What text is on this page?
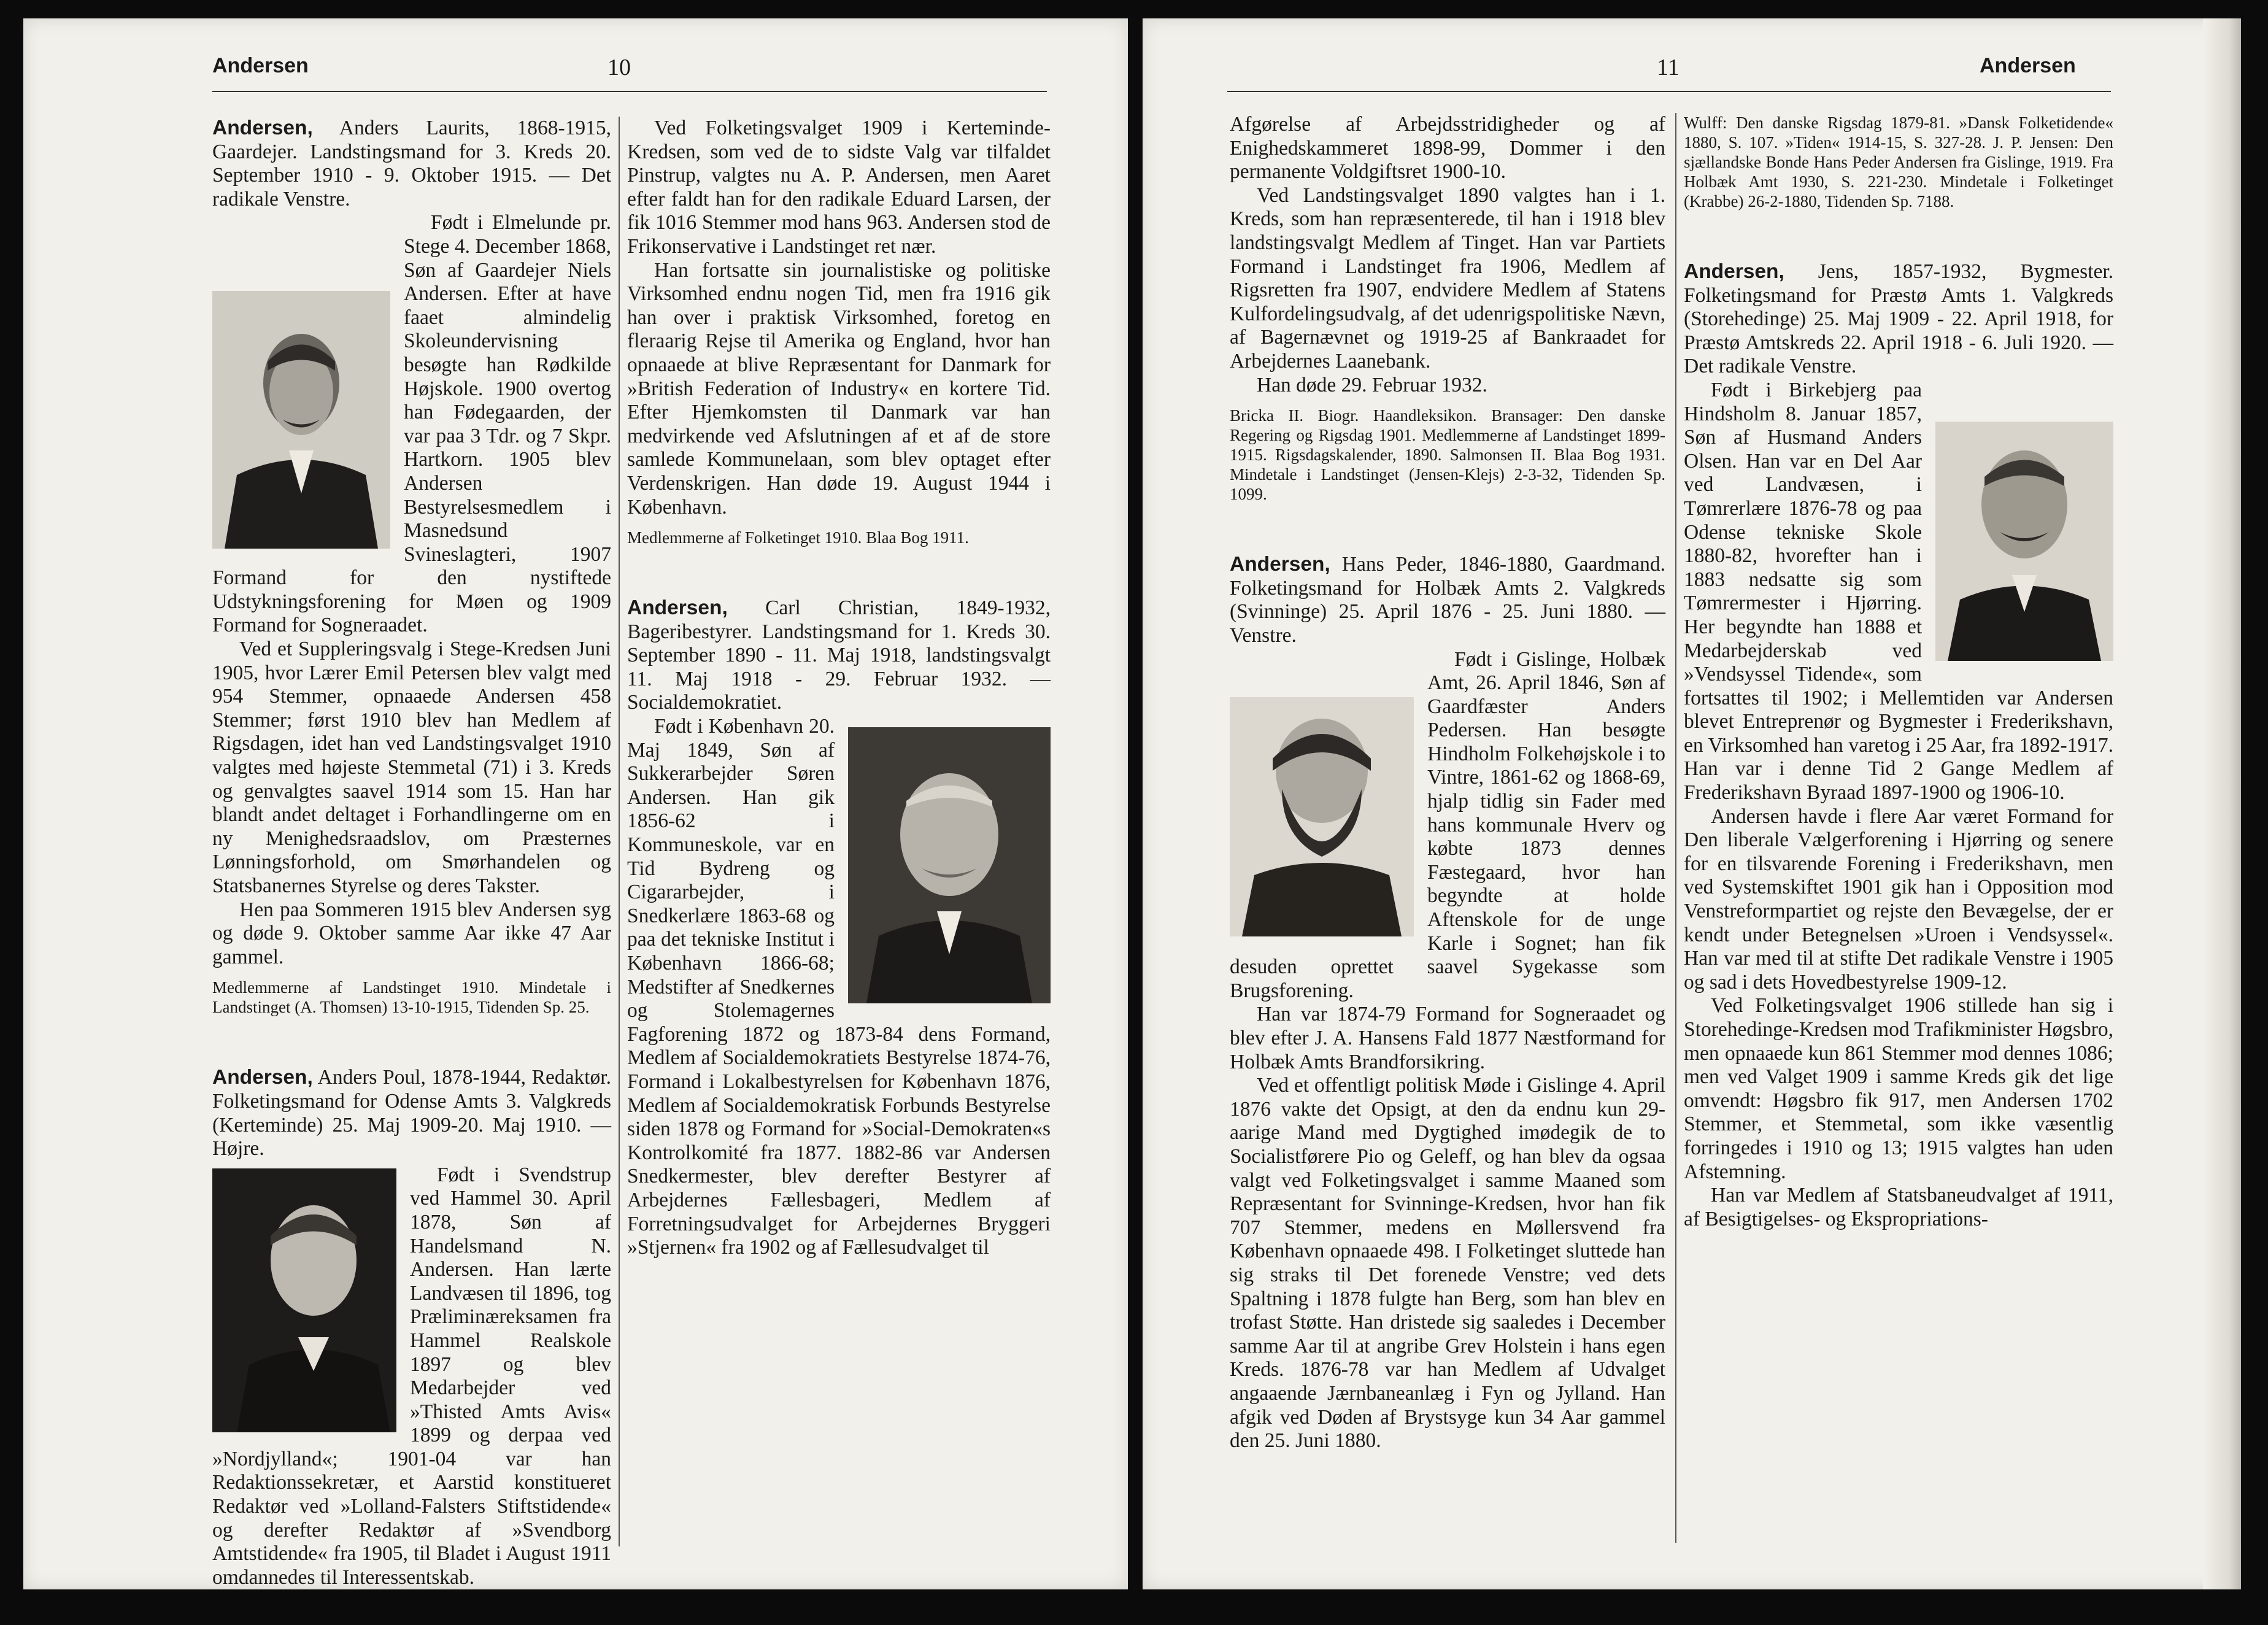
Andersen	10

Andersen, Anders Laurits, 1868-1915, Gaardejer. Landstingsmand for 3. Kreds 20. September 1910 - 9. Oktober 1915. — Det radikale Venstre.

Født i Elmelunde pr. Stege 4. December 1868, Søn af Gaardejer Niels Andersen. Efter at have faaet almindelig Skoleundervisning besøgte han Rødkilde Højskole. 1900 overtog han Fødegaarden, der var paa 3 Tdr. og 7 Skpr. Hartkorn. 1905 blev Andersen Bestyrelsesmedlem i Masnedsund Svineslagteri, 1907 Formand for den nystiftede Udstykningsforening for Møen og 1909 Formand for Sogneraadet.

Ved et Suppleringsvalg i Stege-Kredsen Juni 1905, hvor Lærer Emil Petersen blev valgt med 954 Stemmer, opnaaede Andersen 458 Stemmer; først 1910 blev han Medlem af Rigsdagen, idet han ved Landstingsvalget 1910 valgtes med højeste Stemmetal (71) i 3. Kreds og genvalgtes saavel 1914 som 15. Han har blandt andet deltaget i Forhandlingerne om en ny Menighedsraadslov, om Præsternes Lønningsforhold, om Smørhandelen og Statsbanernes Styrelse og deres Takster.

Hen paa Sommeren 1915 blev Andersen syg og døde 9. Oktober samme Aar ikke 47 Aar gammel.

Medlemmerne af Landstinget 1910. Mindetale i Landstinget (A. Thomsen) 13-10-1915, Tidenden Sp. 25.

Andersen, Anders Poul, 1878-1944, Redaktør. Folketingsmand for Odense Amts 3. Valgkreds (Kerteminde) 25. Maj 1909-20. Maj 1910. — Højre.

Født i Svendstrup ved Hammel 30. April 1878, Søn af Handelsmand N. Andersen. Han lærte Landvæsen til 1896, tog Præliminæreksamen fra Hammel Realskole 1897 og blev Medarbejder ved »Thisted Amts Avis« 1899 og derpaa ved »Nordjylland«; 1901-04 var han Redaktionssekretær, et Aarstid konstitueret Redaktør ved »Lolland-Falsters Stiftstidende« og derefter Redaktør af »Svendborg Amtstidende« fra 1905, til Bladet i August 1911 omdannedes til Interessentskab.

Ved Folketingsvalget 1909 i Kerteminde-Kredsen, som ved de to sidste Valg var tilfaldet Pinstrup, valgtes nu A. P. Andersen, men Aaret efter faldt han for den radikale Eduard Larsen, der fik 1016 Stemmer mod hans 963. Andersen stod de Frikonservative i Landstinget ret nær.

Han fortsatte sin journalistiske og politiske Virksomhed endnu nogen Tid, men fra 1916 gik han over i praktisk Virksomhed, foretog en fleraarig Rejse til Amerika og England, hvor han opnaaede at blive Repræsentant for Danmark for »British Federation of Industry« en kortere Tid. Efter Hjemkomsten til Danmark var han medvirkende ved Afslutningen af et af de store samlede Kommunelaan, som blev optaget efter Verdenskrigen. Han døde 19. August 1944 i København.

Medlemmerne af Folketinget 1910. Blaa Bog 1911.

Andersen, Carl Christian, 1849-1932, Bageribestyrer. Landstingsmand for 1. Kreds 30. September 1890 - 11. Maj 1918, landstingsvalgt 11. Maj 1918 - 29. Februar 1932. — Socialdemokratiet.

Født i København 20. Maj 1849, Søn af Sukkerarbejder Søren Andersen. Han gik 1856-62 i Kommuneskole, var en Tid Bydreng og Cigararbejder, i Snedkerlære 1863-68 og paa det tekniske Institut i København 1866-68; Medstifter af Snedkernes og Stolemagernes Fagforening 1872 og 1873-84 dens Formand, Medlem af Socialdemokratiets Bestyrelse 1874-76, Formand i Lokalbestyrelsen for København 1876, Medlem af Socialdemokratisk Forbunds Bestyrelse siden 1878 og Formand for »Social-Demokraten«s Kontrolkomité fra 1877. 1882-86 var Andersen Snedkermester, blev derefter Bestyrer af Arbejdernes Fællesbageri, Medlem af Forretningsudvalget for Arbejdernes Bryggeri »Stjernen« fra 1902 og af Fællesudvalget til

11	Andersen

Afgørelse af Arbejdsstridigheder og af Enighedskammeret 1898-99, Dommer i den permanente Voldgiftsret 1900-10.

Ved Landstingsvalget 1890 valgtes han i 1. Kreds, som han repræsenterede, til han i 1918 blev landstingsvalgt Medlem af Tinget. Han var Partiets Formand i Landstinget fra 1906, Medlem af Rigsretten fra 1907, endvidere Medlem af Statens Kulfordelingsudvalg, af det udenrigspolitiske Nævn, af Bagernævnet og 1919-25 af Bankraadet for Arbejdernes Laanebank.

Han døde 29. Februar 1932.

Bricka II. Biogr. Haandleksikon. Bransager: Den danske Regering og Rigsdag 1901. Medlemmerne af Landstinget 1899-1915. Rigsdagskalender, 1890. Salmonsen II. Blaa Bog 1931. Mindetale i Landstinget (Jensen-Klejs) 2-3-32, Tidenden Sp. 1099.

Andersen, Hans Peder, 1846-1880, Gaardmand. Folketingsmand for Holbæk Amts 2. Valgkreds (Svinninge) 25. April 1876 - 25. Juni 1880. — Venstre.

Født i Gislinge, Holbæk Amt, 26. April 1846, Søn af Gaardfæster Anders Pedersen. Han besøgte Hindholm Folkehøjskole i to Vintre, 1861-62 og 1868-69, hjalp tidlig sin Fader med hans kommunale Hverv og købte 1873 dennes Fæstegaard, hvor han begyndte at holde Aftenskole for de unge Karle i Sognet; han fik desuden oprettet saavel Sygekasse som Brugsforening.

Han var 1874-79 Formand for Sogneraadet og blev efter J. A. Hansens Fald 1877 Næstformand for Holbæk Amts Brandforsikring.

Ved et offentligt politisk Møde i Gislinge 4. April 1876 vakte det Opsigt, at den da endnu kun 29-aarige Mand med Dygtighed imødegik de to Socialistførere Pio og Geleff, og han blev da ogsaa valgt ved Folketingsvalget i samme Maaned som Repræsentant for Svinninge-Kredsen, hvor han fik 707 Stemmer, medens en Møllersvend fra København opnaaede 498. I Folketinget sluttede han sig straks til Det forenede Venstre; ved dets Spaltning i 1878 fulgte han Berg, som han blev en trofast Støtte. Han dristede sig saaledes i December samme Aar til at angribe Grev Holstein i hans egen Kreds. 1876-78 var han Medlem af Udvalget angaaende Jærnbaneanlæg i Fyn og Jylland. Han afgik ved Døden af Brystsyge kun 34 Aar gammel den 25. Juni 1880.

Wulff: Den danske Rigsdag 1879-81. »Dansk Folketidende« 1880, S. 107. »Tiden« 1914-15, S. 327-28. J. P. Jensen: Den sjællandske Bonde Hans Peder Andersen fra Gislinge, 1919. Fra Holbæk Amt 1930, S. 221-230. Mindetale i Folketinget (Krabbe) 26-2-1880, Tidenden Sp. 7188.

Andersen, Jens, 1857-1932, Bygmester. Folketingsmand for Præstø Amts 1. Valgkreds (Storehedinge) 25. Maj 1909 - 22. April 1918, for Præstø Amtskreds 22. April 1918 - 6. Juli 1920. — Det radikale Venstre.

Født i Birkebjerg paa Hindsholm 8. Januar 1857, Søn af Husmand Anders Olsen. Han var en Del Aar ved Landvæsen, i Tømrerlære 1876-78 og paa Odense tekniske Skole 1880-82, hvorefter han i 1883 nedsatte sig som Tømrermester i Hjørring. Her begyndte han 1888 et Medarbejderskab ved »Vendsyssel Tidende«, som fortsattes til 1902; i Mellemtiden var Andersen blevet Entreprenør og Bygmester i Frederikshavn, en Virksomhed han varetog i 25 Aar, fra 1892-1917. Han var i denne Tid 2 Gange Medlem af Frederikshavn Byraad 1897-1900 og 1906-10.

Andersen havde i flere Aar været Formand for Den liberale Vælgerforening i Hjørring og senere for en tilsvarende Forening i Frederikshavn, men ved Systemskiftet 1901 gik han i Opposition mod Venstreformpartiet og rejste den Bevægelse, der er kendt under Betegnelsen »Uroen i Vendsyssel«. Han var med til at stifte Det radikale Venstre i 1905 og sad i dets Hovedbestyrelse 1909-12.

Ved Folketingsvalget 1906 stillede han sig i Storehedinge-Kredsen mod Trafikminister Høgsbro, men opnaaede kun 861 Stemmer mod dennes 1086; men ved Valget 1909 i samme Kreds gik det lige omvendt: Høgsbro fik 917, men Andersen 1702 Stemmer, et Stemmetal, som ikke væsentlig forringedes i 1910 og 13; 1915 valgtes han uden Afstemning.

Han var Medlem af Statsbaneudvalget af 1911, af Besigtigelses- og Ekspropriations-
